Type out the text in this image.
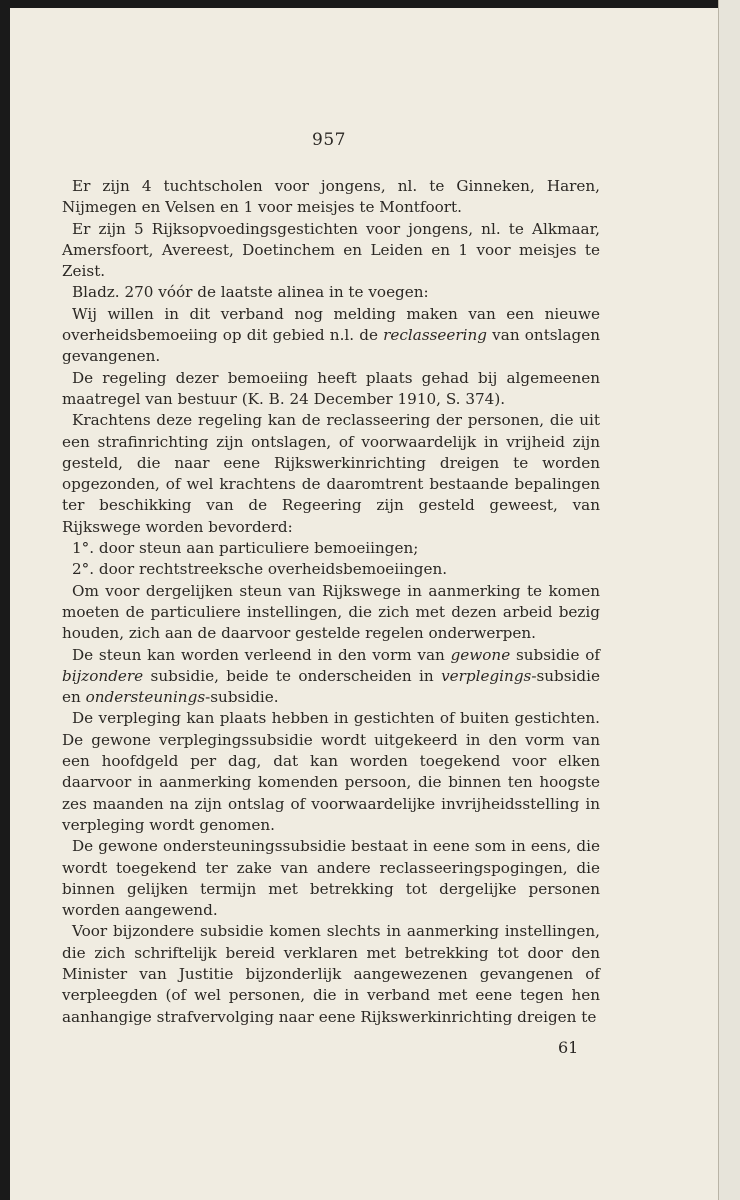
957

Er zijn 4 tuchtscholen voor jongens, nl. te Ginneken, Haren, Nijmegen en Velsen en 1 voor meisjes te Montfoort.

Er zijn 5 Rijksopvoedingsgestichten voor jongens, nl. te Alkmaar, Amersfoort, Avereest, Doetinchem en Leiden en 1 voor meisjes te Zeist.

Bladz. 270 vóór de laatste alinea in te voegen:

Wij willen in dit verband nog melding maken van een nieuwe overheidsbemoeiing op dit gebied n.l. de reclasseering van ontslagen gevangenen.

De regeling dezer bemoeiing heeft plaats gehad bij algemeenen maatregel van bestuur (K. B. 24 December 1910, S. 374).

Krachtens deze regeling kan de reclasseering der personen, die uit een strafinrichting zijn ontslagen, of voorwaardelijk in vrijheid zijn gesteld, die naar eene Rijkswerkinrichting dreigen te worden opgezonden, of wel krachtens de daaromtrent bestaande bepalingen ter beschikking van de Regeering zijn gesteld geweest, van Rijkswege worden bevorderd:

1°. door steun aan particuliere bemoeiingen;

2°. door rechtstreeksche overheidsbemoeiingen.

Om voor dergelijken steun van Rijkswege in aanmerking te komen moeten de particuliere instellingen, die zich met dezen arbeid bezig houden, zich aan de daarvoor gestelde regelen onderwerpen.

De steun kan worden verleend in den vorm van gewone subsidie of bijzondere subsidie, beide te onderscheiden in verplegings-subsidie en ondersteunings-subsidie.

De verpleging kan plaats hebben in gestichten of buiten gestichten. De gewone verplegingssubsidie wordt uitgekeerd in den vorm van een hoofdgeld per dag, dat kan worden toegekend voor elken daarvoor in aanmerking komenden persoon, die binnen ten hoogste zes maanden na zijn ontslag of voorwaardelijke invrijheidsstelling in verpleging wordt genomen.

De gewone ondersteuningssubsidie bestaat in eene som in eens, die wordt toegekend ter zake van andere reclasseeringspogingen, die binnen gelijken termijn met betrekking tot dergelijke personen worden aangewend.

Voor bijzondere subsidie komen slechts in aanmerking instellingen, die zich schriftelijk bereid verklaren met betrekking tot door den Minister van Justitie bijzonderlijk aangewezenen gevangenen of verpleegden (of wel personen, die in verband met eene tegen hen aanhangige strafvervolging naar eene Rijkswerkinrichting dreigen te

61
